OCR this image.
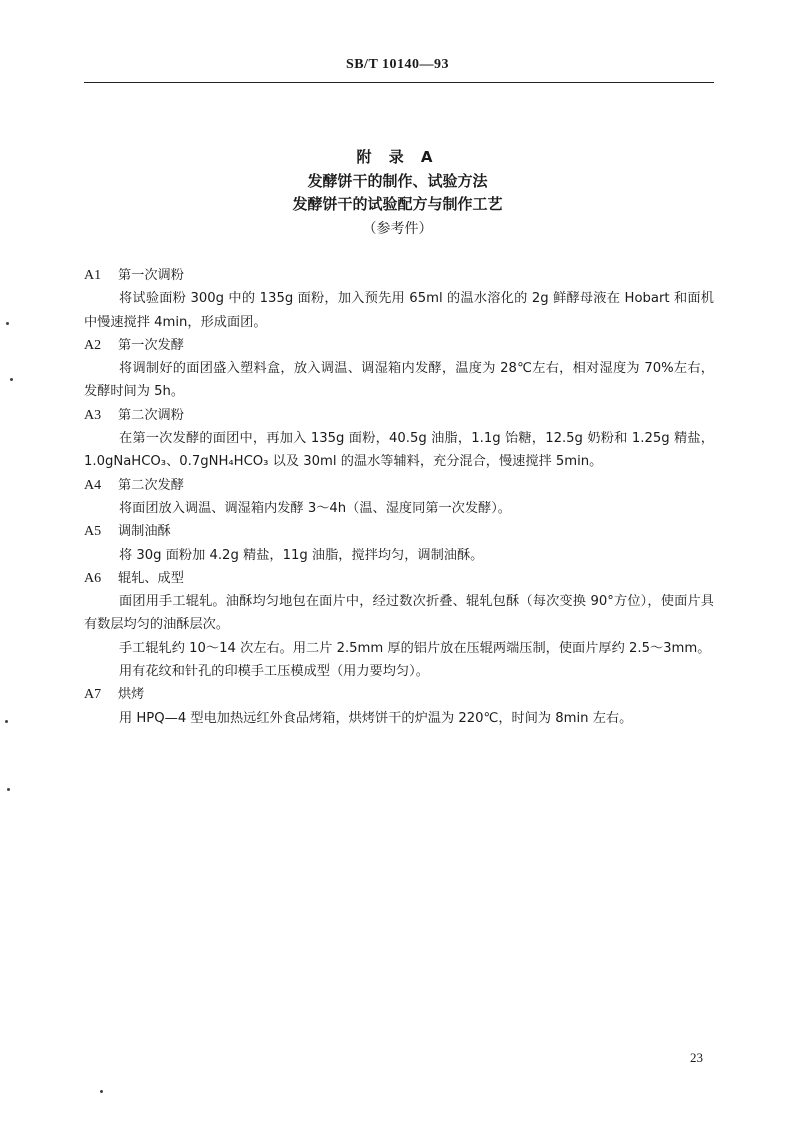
SB/T 10140—93
附 录 A
发酵饼干的制作、试验方法
发酵饼干的试验配方与制作工艺
（参考件）
A1 第一次调粉

将试验面粉 300g 中的 135g 面粉，加入预先用 65ml 的温水溶化的 2g 鲜酵母液在 Hobart 和面机中慢速搅拌 4min，形成面团。

A2 第一次发酵

将调制好的面团盛入塑料盒，放入调温、调湿箱内发酵，温度为 28℃左右，相对湿度为 70%左右，发酵时间为 5h。

A3 第二次调粉

在第一次发酵的面团中，再加入 135g 面粉，40.5g 油脂，1.1g 饴糖，12.5g 奶粉和 1.25g 精盐，1.0gNaHCO₃、0.7gNH₄HCO₃ 以及 30ml 的温水等辅料，充分混合，慢速搅拌 5min。

A4 第二次发酵

将面团放入调温、调湿箱内发酵 3～4h（温、湿度同第一次发酵）。

A5 调制油酥

将 30g 面粉加 4.2g 精盐，11g 油脂，搅拌均匀，调制油酥。

A6 辊轧、成型

面团用手工辊轧。油酥均匀地包在面片中，经过数次折叠、辊轧包酥（每次变换 90°方位），使面片具有数层均匀的油酥层次。

手工辊轧约 10～14 次左右。用二片 2.5mm 厚的铝片放在压辊两端压制，使面片厚约 2.5～3mm。

用有花纹和针孔的印模手工压模成型（用力要均匀）。

A7 烘烤

用 HPQ—4 型电加热远红外食品烤箱，烘烤饼干的炉温为 220℃，时间为 8min 左右。

23
